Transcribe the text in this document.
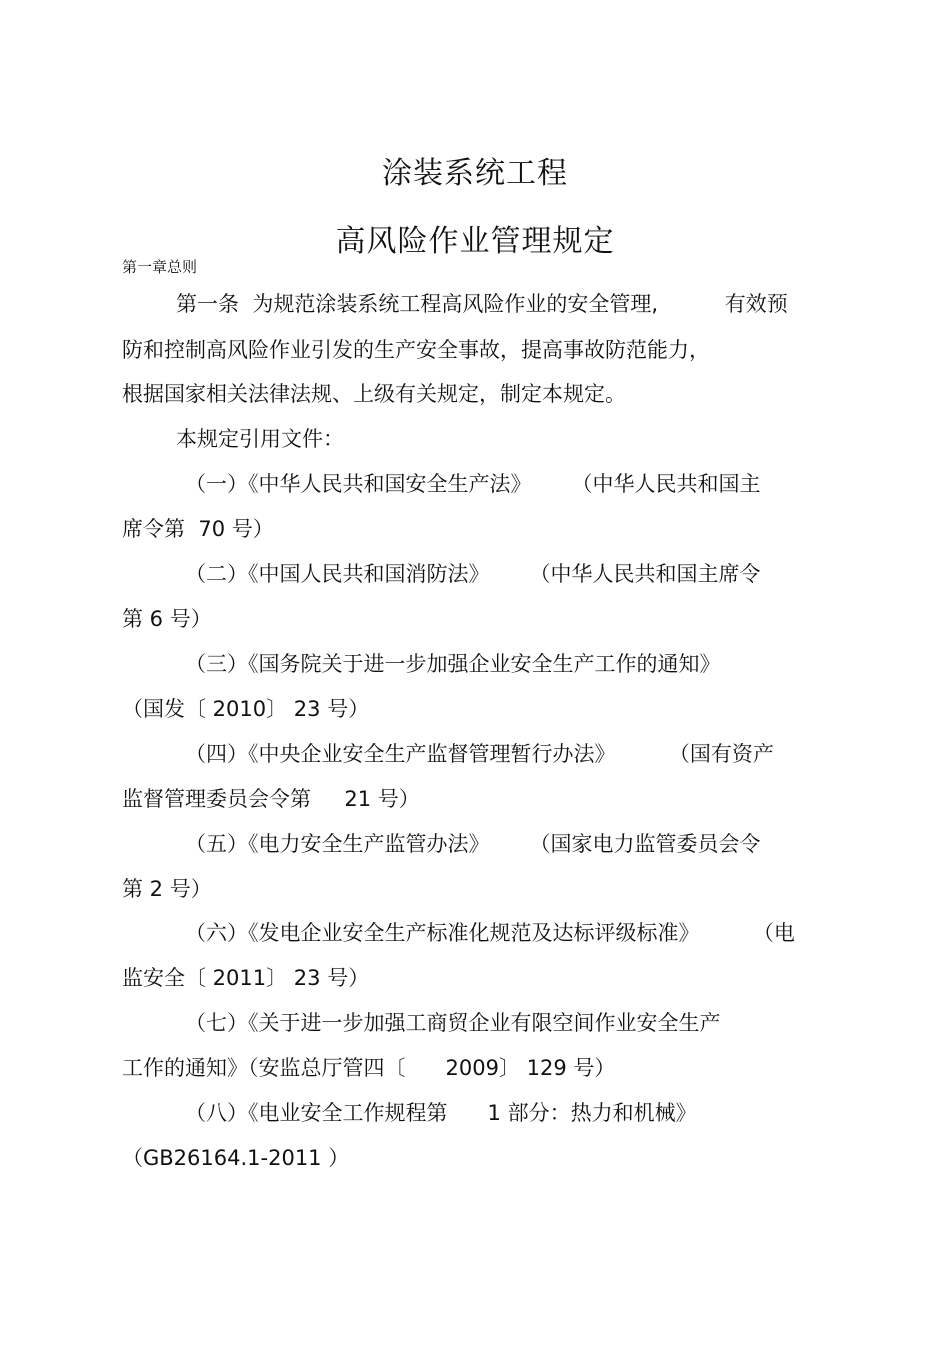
涂装系统工程
高风险作业管理规定
第一章总则
第一条  为规范涂装系统工程高风险作业的安全管理,          有效预
防和控制高风险作业引发的生产安全事故，提高事故防范能力，
根据国家相关法律法规、上级有关规定，制定本规定。
本规定引用文件：
（一）《中华人民共和国安全生产法》      （中华人民共和国主
席令第  70 号）
（二）《中国人民共和国消防法》      （中华人民共和国主席令
第 6 号）
（三）《国务院关于进一步加强企业安全生产工作的通知》
（国发〔 2010〕 23 号）
（四）《中央企业安全生产监督管理暂行办法》        （国有资产
监督管理委员会令第     21 号）
（五）《电力安全生产监管办法》      （国家电力监管委员会令
第 2 号）
（六）《发电企业安全生产标准化规范及达标评级标准》        （电
监安全〔 2011〕 23 号）
（七）《关于进一步加强工商贸企业有限空间作业安全生产
工作的通知》（安监总厅管四〔      2009〕 129 号）
（八）《电业安全工作规程第      1 部分：热力和机械》
（GB26164.1-2011 ）
